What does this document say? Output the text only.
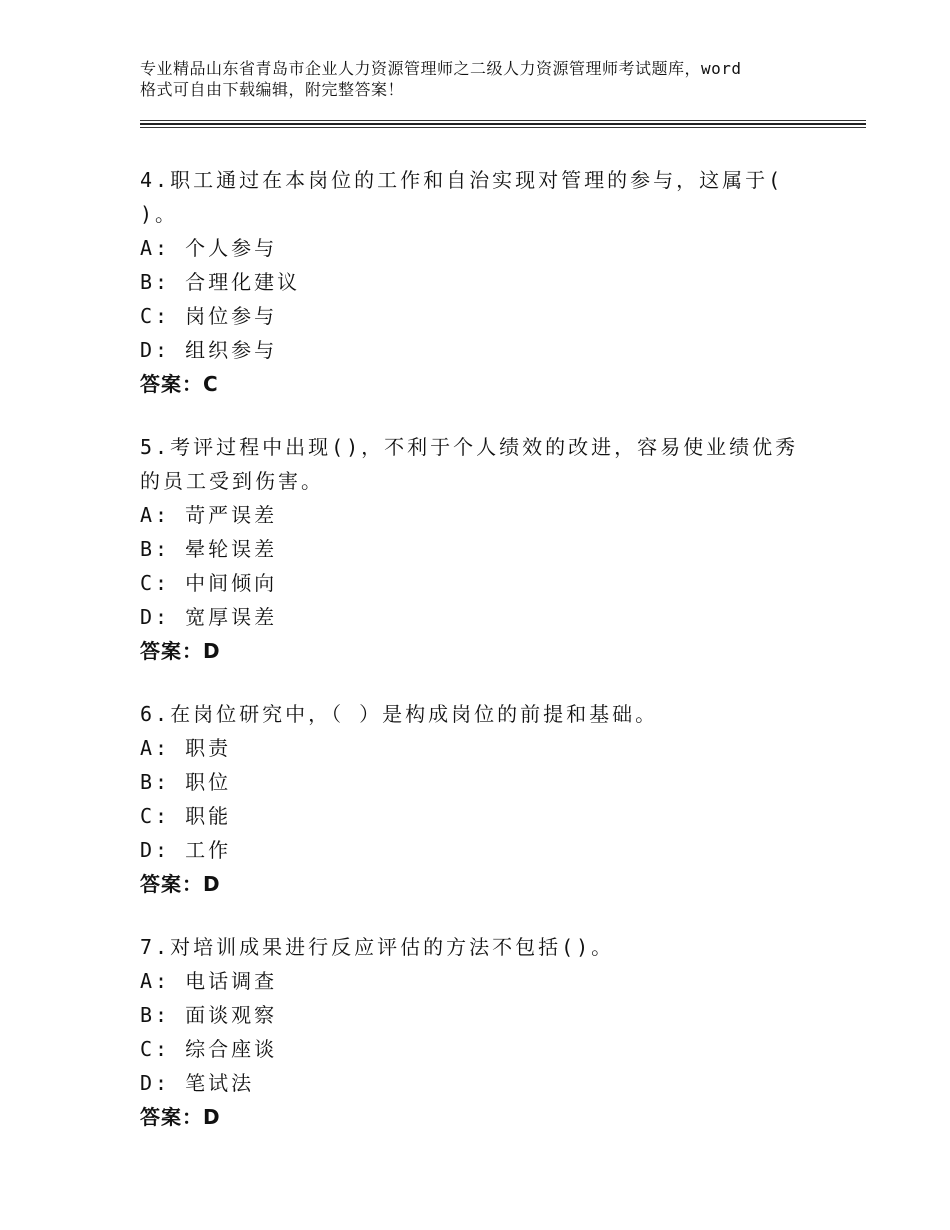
专业精品山东省青岛市企业人力资源管理师之二级人力资源管理师考试题库，word
格式可自由下载编辑，附完整答案！
4.职工通过在本岗位的工作和自治实现对管理的参与，这属于( )。
A: 个人参与
B: 合理化建议
C: 岗位参与
D: 组织参与
答案：C
5.考评过程中出现()，不利于个人绩效的改进，容易使业绩优秀的员工受到伤害。
A: 苛严误差
B: 晕轮误差
C: 中间倾向
D: 宽厚误差
答案：D
6.在岗位研究中，（ ）是构成岗位的前提和基础。
A: 职责
B: 职位
C: 职能
D: 工作
答案：D
7.对培训成果进行反应评估的方法不包括()。
A: 电话调查
B: 面谈观察
C: 综合座谈
D: 笔试法
答案：D
